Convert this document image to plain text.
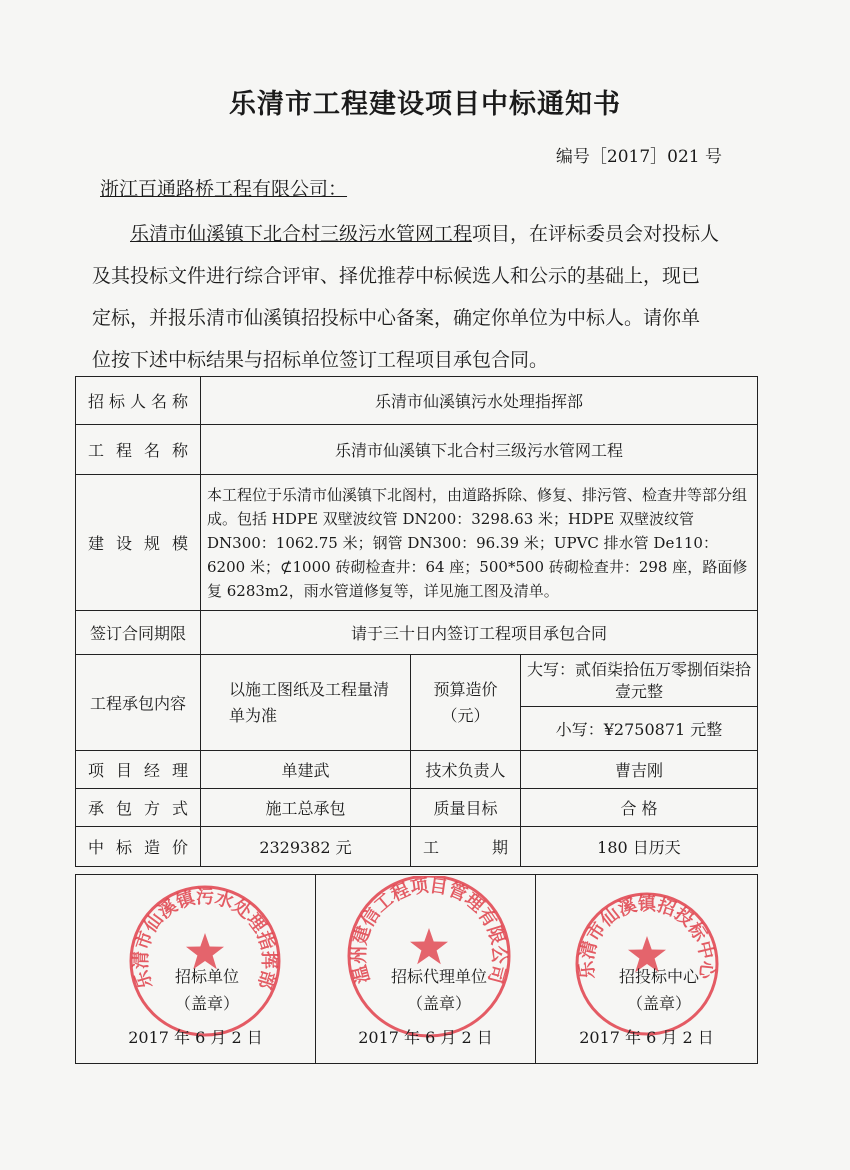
乐清市工程建设项目中标通知书
编号［2017］021 号
浙江百通路桥工程有限公司：
乐清市仙溪镇下北合村三级污水管网工程项目，在评标委员会对投标人
及其投标文件进行综合评审、择优推荐中标候选人和公示的基础上，现已
定标，并报乐清市仙溪镇招投标中心备案，确定你单位为中标人。请你单
位按下述中标结果与招标单位签订工程项目承包合同。
招标人名称	乐清市仙溪镇污水处理指挥部		
工程名称	乐清市仙溪镇下北合村三级污水管网工程		
建设规模	本工程位于乐清市仙溪镇下北阁村，由道路拆除、修复、排污管、检查井等部分组成。包括 HDPE 双壁波纹管 DN200：3298.63 米；HDPE 双壁波纹管 DN300：1062.75 米；钢管 DN300：96.39 米；UPVC 排水管 De110：6200 米；⊄1000 砖砌检查井：64 座；500*500 砖砌检查井：298 座，路面修复 6283m2，雨水管道修复等，详见施工图及清单。		
签订合同期限	请于三十日内签订工程项目承包合同		
工程承包内容	以施工图纸及工程量清单为准	预算造价（元）	大写：贰佰柒拾伍万零捌佰柒拾壹元整
			小写：¥2750871 元整
项目经理	单建武	技术负责人	曹吉刚
承包方式	施工总承包	质量目标	合 格
中标造价	2329382 元	工期	180 日历天
乐清市仙溪镇污水处理指挥部
招标单位
（盖章）
2017 年 6 月 2 日

温州建信工程项目管理有限公司
招标代理单位
（盖章）
2017 年 6 月 2 日

乐清市仙溪镇招投标中心
招投标中心
（盖章）
2017 年 6 月 2 日
